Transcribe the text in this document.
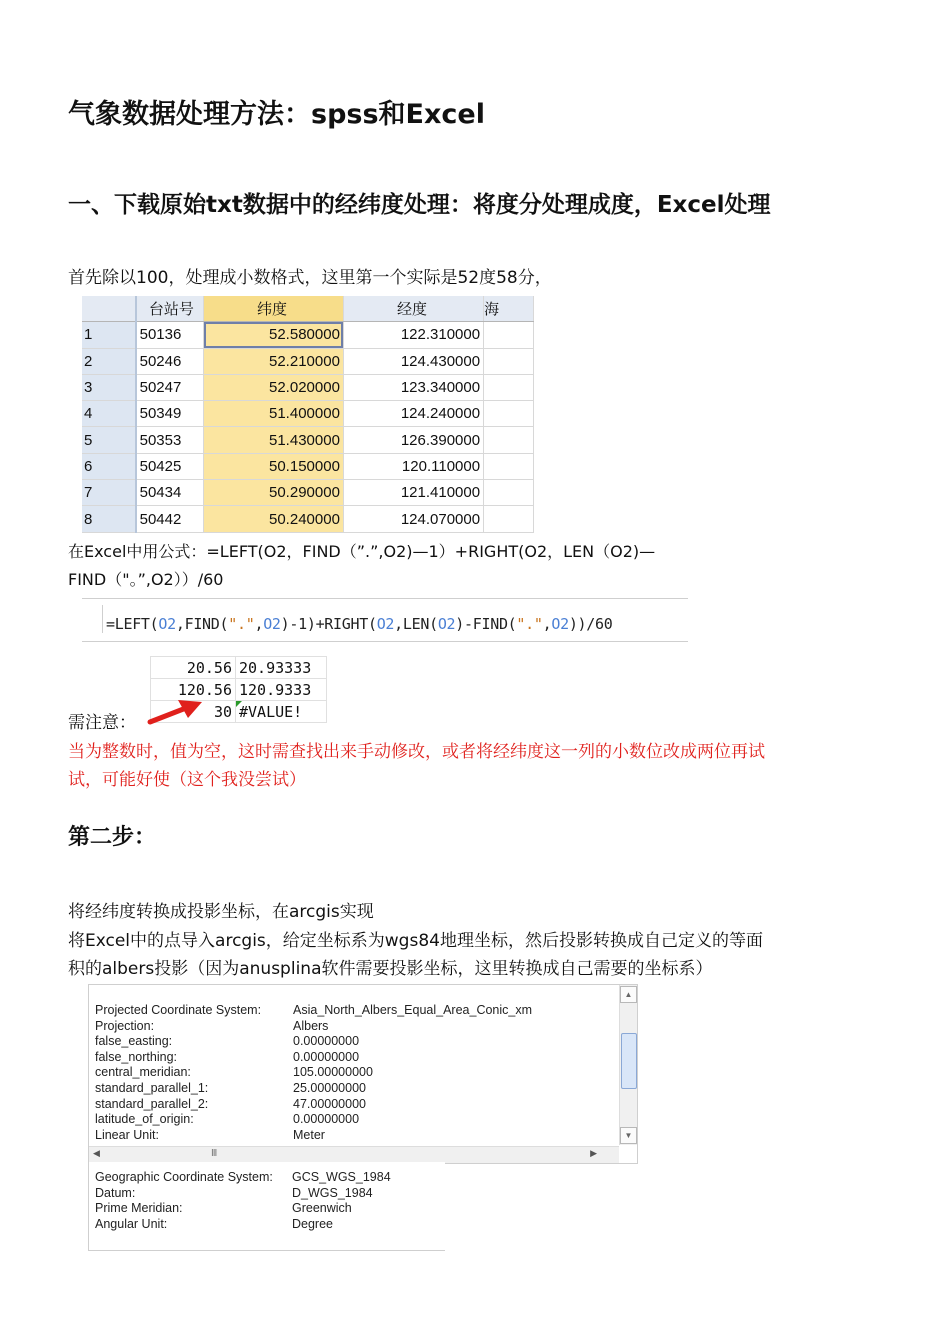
气象数据处理方法：spss和Excel
一、下载原始txt数据中的经纬度处理：将度分处理成度，Excel处理
首先除以100，处理成小数格式，这里第一个实际是52度58分，
	台站号	纬度	经度	海
1	50136	52.580000	122.310000	
2	50246	52.210000	124.430000	
3	50247	52.020000	123.340000	
4	50349	51.400000	124.240000	
5	50353	51.430000	126.390000	
6	50425	50.150000	120.110000	
7	50434	50.290000	121.410000	
8	50442	50.240000	124.070000	
在Excel中用公式：=LEFT(O2，FIND（”.”,O2)—1）+RIGHT(O2，LEN（O2)—
FIND（"。”,O2））/60
=LEFT(O2,FIND(".",O2)-1)+RIGHT(O2,LEN(O2)-FIND(".",O2))/60
20.56	20.93333
120.56	120.9333
30	#VALUE!
需注意：
当为整数时，值为空，这时需查找出来手动修改，或者将经纬度这一列的小数位改成两位再试
试，可能好使（这个我没尝试）
第二步：
将经纬度转换成投影坐标，在arcgis实现
将Excel中的点导入arcgis，给定坐标系为wgs84地理坐标，然后投影转换成自己定义的等面
积的albers投影（因为anusplina软件需要投影坐标，这里转换成自己需要的坐标系）
Projected Coordinate System:	Asia_North_Albers_Equal_Area_Conic_xm
Projection:	Albers
false_easting:	0.00000000
false_northing:	0.00000000
central_meridian:	105.00000000
standard_parallel_1:	25.00000000
standard_parallel_2:	47.00000000
latitude_of_origin:	0.00000000
Linear Unit:	Meter
▲
▼
◀	III	▶
Geographic Coordinate System: GCS_WGS_1984
Datum:	D_WGS_1984
Prime Meridian:	Greenwich
Angular Unit:	Degree
